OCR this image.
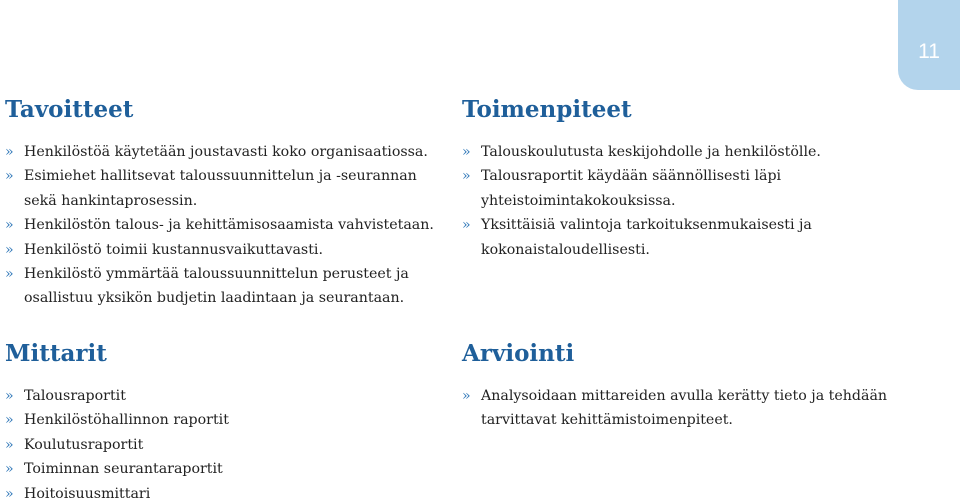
11
Tavoitteet
» Henkilöstöä käytetään joustavasti koko organisaatiossa.
» Esimiehet hallitsevat taloussuunnittelun ja -seurannan sekä hankintaprosessin.
» Henkilöstön talous- ja kehittämisosaamista vahvistetaan.
» Henkilöstö toimii kustannusvaikuttavasti.
» Henkilöstö ymmärtää taloussuunnittelun perusteet ja osallistuu yksikön budjetin laadintaan ja seurantaan.
Mittarit
» Talousraportit
» Henkilöstöhallinnon raportit
» Koulutusraportit
» Toiminnan seurantaraportit
» Hoitoisuusmittari
Toimenpiteet
» Talouskoulutusta keskijohdolle ja henkilöstölle.
» Talousraportit käydään säännöllisesti läpi yhteistoimintakokouksissa.
» Yksittäisiä valintoja tarkoituksenmukaisesti ja kokonaistaloudellisesti.
Arviointi
» Analysoidaan mittareiden avulla kerätty tieto ja tehdään tarvittavat kehittämistoimenpiteet.
